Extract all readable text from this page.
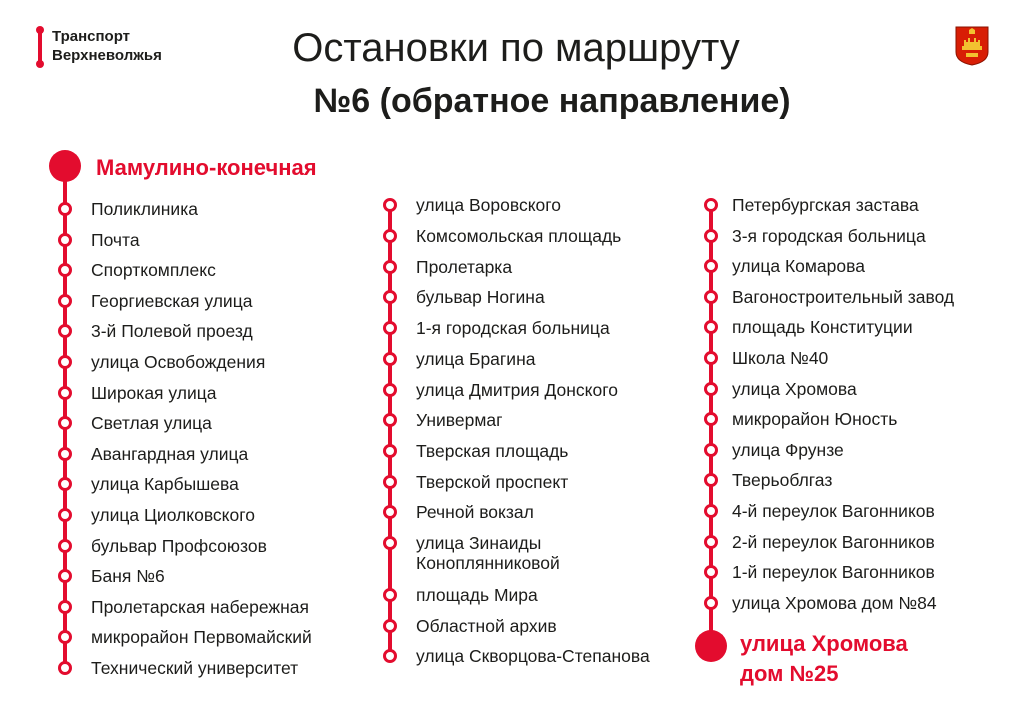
Транспорт
Верхневолжья	Остановки по маршруту
№6 (обратное направление)
Мамулино-конечная
Поликлиника
Почта
Спорткомплекс
Георгиевская улица
3-й Полевой проезд
улица Освобождения
Широкая улица
Светлая улица
Авангардная улица
улица Карбышева
улица Циолковского
бульвар Профсоюзов
Баня №6
Пролетарская набережная
микрорайон Первомайский
Технический университет
улица Воровского
Комсомольская площадь
Пролетарка
бульвар Ногина
1-я городская больница
улица Брагина
улица Дмитрия Донского
Универмаг
Тверская площадь
Тверской проспект
Речной вокзал
улица Зинаиды Коноплянниковой
площадь Мира
Областной архив
улица Скворцова-Степанова
Петербургская застава
3-я городская больница
улица Комарова
Вагоностроительный завод
площадь Конституции
Школа №40
улица Хромова
микрорайон Юность
улица Фрунзе
Тверьоблгаз
4-й переулок Вагонников
2-й переулок Вагонников
1-й переулок Вагонников
улица Хромова дом №84
улица Хромова
дом №25
